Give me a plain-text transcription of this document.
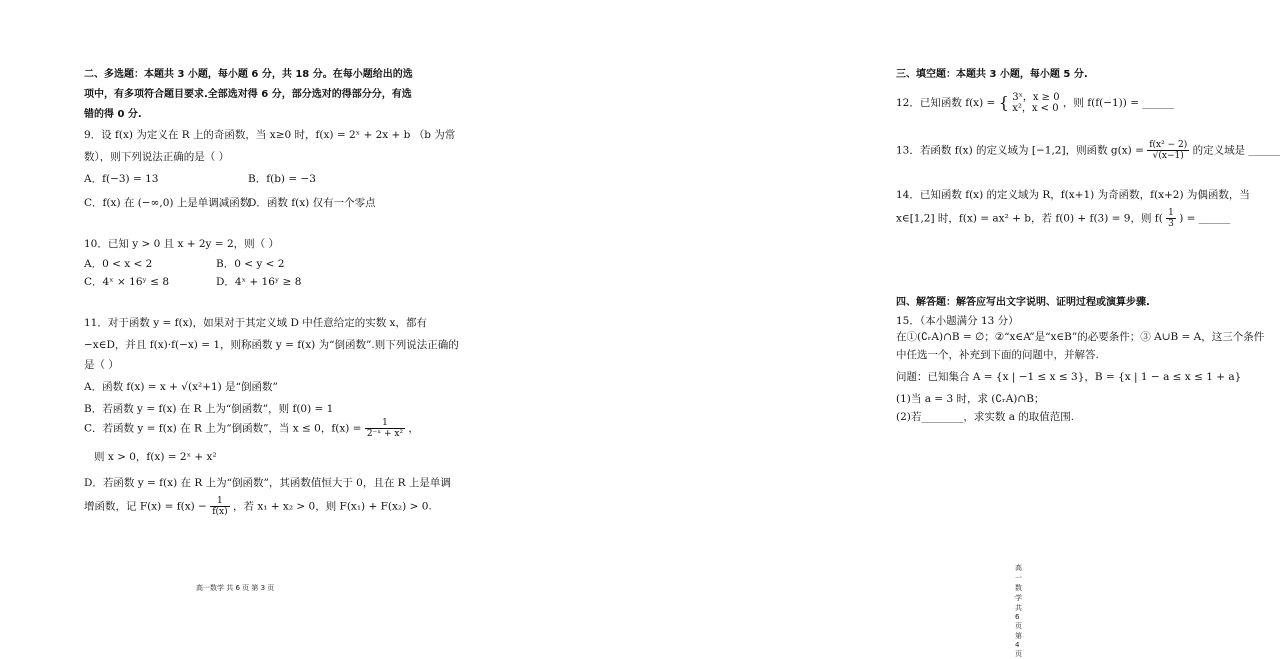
二、多选题：本题共 3 小题，每小题 6 分，共 18 分。在每小题给出的选
项中，有多项符合题目要求.全部选对得 6 分，部分选对的得部分分，有选
错的得 0 分.
9．设 f(x) 为定义在 R 上的奇函数，当 x≥0 时，f(x) = 2ˣ + 2x + b （b 为常
数），则下列说法正确的是（ ）
A．f(−3) = 13	B．f(b) = −3
C．f(x) 在 (−∞,0) 上是单调减函数
D．函数 f(x) 仅有一个零点
10．已知 y > 0 且 x + 2y = 2，则（ ）
A．0 < x < 2	B．0 < y < 2
C．4ˣ × 16ʸ ≤ 8	D．4ˣ + 16ʸ ≥ 8
11．对于函数 y = f(x)，如果对于其定义域 D 中任意给定的实数 x，都有
−x∈D，并且 f(x)·f(−x) = 1，则称函数 y = f(x) 为“倒函数”.则下列说法正确的
是（ ）
A．函数 f(x) = x + √(x²+1) 是“倒函数”
B．若函数 y = f(x) 在 R 上为“倒函数”，则 f(0) = 1
C．若函数 y = f(x) 在 R 上为“倒函数”，当 x ≤ 0，$f(x) = \frac{1}{\text{2⁻ˣ + x²}}$ ，
则 x > 0，f(x) = 2ˣ + x²
D．若函数 y = f(x) 在 R 上为“倒函数”，其函数值恒大于 0，且在 R 上是单调
增函数，记 $F(x) = f(x) - \frac{1}{f(x)}$ ，若 x₁ + x₂ > 0，则 F(x₁) + F(x₂) > 0.
高一数学 共 6 页 第 3 页
三、填空题：本题共 3 小题，每小题 5 分.
12．已知函数 f(x) = { 3ˣ，x ≥ 0
x²，x < 0 ，则 f(f(−1)) = ______
13．若函数 f(x) 的定义域为 [−1,2]，则函数 $g(x) = \frac{\text{f(x² − 2)}}{√(x-1)}$ 的定义域是 ______
14．已知函数 f(x) 的定义域为 R，f(x+1) 为奇函数，f(x+2) 为偶函数，当
x∈[1,2] 时，f(x) = ax² + b，若 f(0) + f(3) = 9，则 $f( \frac{1}{3}$ ) = ______
四、解答题：解答应写出文字说明、证明过程或演算步骤.
15．（本小题满分 13 分）
在①(∁ᵣA)∩B = ∅；②“x∈A”是“x∈B”的必要条件；③ A∪B = A，这三个条件
中任选一个，补充到下面的问题中，并解答.
问题：已知集合 A = {x | −1 ≤ x ≤ 3}，B = {x | 1 − a ≤ x ≤ 1 + a}
(1)当 a = 3 时，求 (∁ᵣA)∩B；
(2)若________，求实数 a 的取值范围.
高一数学 共 6 页 第 4 页
